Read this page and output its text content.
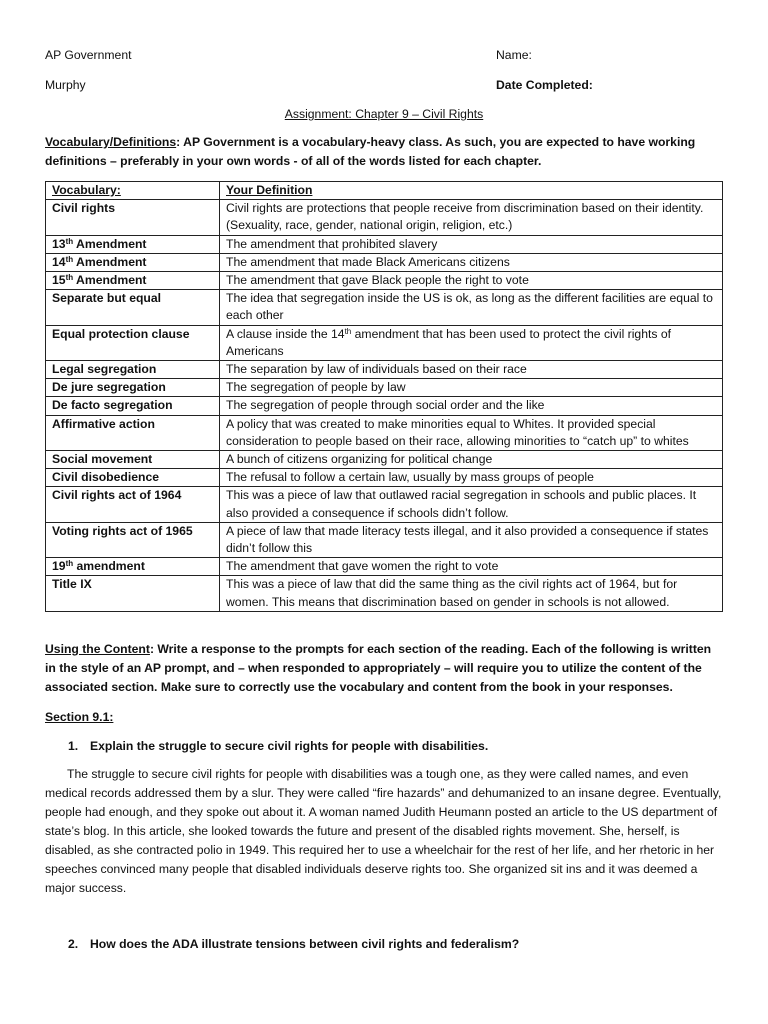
AP Government	Name:
Murphy	Date Completed:
Assignment: Chapter 9 – Civil Rights
Vocabulary/Definitions: AP Government is a vocabulary-heavy class. As such, you are expected to have working definitions – preferably in your own words - of all of the words listed for each chapter.
Vocabulary:	Your Definition
Civil rights	Civil rights are protections that people receive from discrimination based on their identity. (Sexuality, race, gender, national origin, religion, etc.)
13th Amendment	The amendment that prohibited slavery
14th Amendment	The amendment that made Black Americans citizens
15th Amendment	The amendment that gave Black people the right to vote
Separate but equal	The idea that segregation inside the US is ok, as long as the different facilities are equal to each other
Equal protection clause	A clause inside the 14th amendment that has been used to protect the civil rights of Americans
Legal segregation	The separation by law of individuals based on their race
De jure segregation	The segregation of people by law
De facto segregation	The segregation of people through social order and the like
Affirmative action	A policy that was created to make minorities equal to Whites. It provided special consideration to people based on their race, allowing minorities to “catch up” to whites
Social movement	A bunch of citizens organizing for political change
Civil disobedience	The refusal to follow a certain law, usually by mass groups of people
Civil rights act of 1964	This was a piece of law that outlawed racial segregation in schools and public places. It also provided a consequence if schools didn’t follow.
Voting rights act of 1965	A piece of law that made literacy tests illegal, and it also provided a consequence if states didn’t follow this
19th amendment	The amendment that gave women the right to vote
Title IX	This was a piece of law that did the same thing as the civil rights act of 1964, but for women. This means that discrimination based on gender in schools is not allowed.
Using the Content: Write a response to the prompts for each section of the reading. Each of the following is written in the style of an AP prompt, and – when responded to appropriately – will require you to utilize the content of the associated section. Make sure to correctly use the vocabulary and content from the book in your responses.
Section 9.1:
1. Explain the struggle to secure civil rights for people with disabilities.
The struggle to secure civil rights for people with disabilities was a tough one, as they were called names, and even medical records addressed them by a slur. They were called “fire hazards” and dehumanized to an insane degree. Eventually, people had enough, and they spoke out about it. A woman named Judith Heumann posted an article to the US department of state’s blog. In this article, she looked towards the future and present of the disabled rights movement. She, herself, is disabled, as she contracted polio in 1949. This required her to use a wheelchair for the rest of her life, and her rhetoric in her speeches convinced many people that disabled individuals deserve rights too. She organized sit ins and it was deemed a major success.
2. How does the ADA illustrate tensions between civil rights and federalism?
